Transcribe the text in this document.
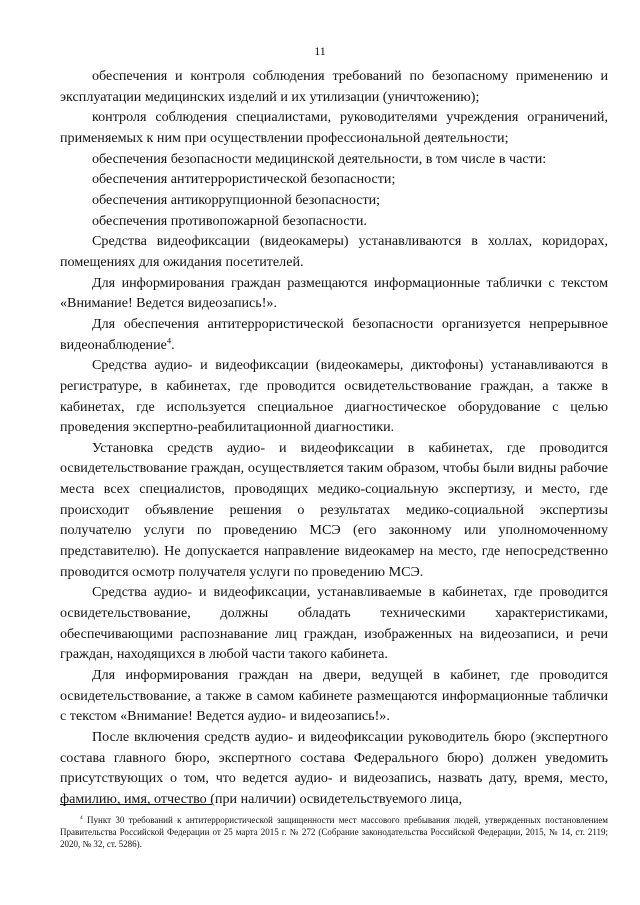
11

обеспечения и контроля соблюдения требований по безопасному применению и эксплуатации медицинских изделий и их утилизации (уничтожению);

контроля соблюдения специалистами, руководителями учреждения ограничений, применяемых к ним при осуществлении профессиональной деятельности;

обеспечения безопасности медицинской деятельности, в том числе в части:

обеспечения антитеррористической безопасности;

обеспечения антикоррупционной безопасности;

обеспечения противопожарной безопасности.

Средства видеофиксации (видеокамеры) устанавливаются в холлах, коридорах, помещениях для ожидания посетителей.

Для информирования граждан размещаются информационные таблички с текстом «Внимание! Ведется видеозапись!».

Для обеспечения антитеррористической безопасности организуется непрерывное видеонаблюдение$^4$.

Средства аудио- и видеофиксации (видеокамеры, диктофоны) устанавливаются в регистратуре, в кабинетах, где проводится освидетельствование граждан, а также в кабинетах, где используется специальное диагностическое оборудование с целью проведения экспертно-реабилитационной диагностики.

Установка средств аудио- и видеофиксации в кабинетах, где проводится освидетельствование граждан, осуществляется таким образом, чтобы были видны рабочие места всех специалистов, проводящих медико-социальную экспертизу, и место, где происходит объявление решения о результатах медико-социальной экспертизы получателю услуги по проведению МСЭ (его законному или уполномоченному представителю). Не допускается направление видеокамер на место, где непосредственно проводится осмотр получателя услуги по проведению МСЭ.

Средства аудио- и видеофиксации, устанавливаемые в кабинетах, где проводится освидетельствование, должны обладать техническими характеристиками, обеспечивающими распознавание лиц граждан, изображенных на видеозаписи, и речи граждан, находящихся в любой части такого кабинета.

Для информирования граждан на двери, ведущей в кабинет, где проводится освидетельствование, а также в самом кабинете размещаются информационные таблички с текстом «Внимание! Ведется аудио- и видеозапись!».

После включения средств аудио- и видеофиксации руководитель бюро (экспертного состава главного бюро, экспертного состава Федерального бюро) должен уведомить присутствующих о том, что ведется аудио- и видеозапись, назвать дату, время, место, фамилию, имя, отчество (при наличии) освидетельствуемого лица,

$^4$ Пункт 30 требований к антитеррористической защищенности мест массового пребывания людей, утвержденных постановлением Правительства Российской Федерации от 25 марта 2015 г. № 272 (Собрание законодательства Российской Федерации, 2015, № 14, ст. 2119; 2020, № 32, ст. 5286).
